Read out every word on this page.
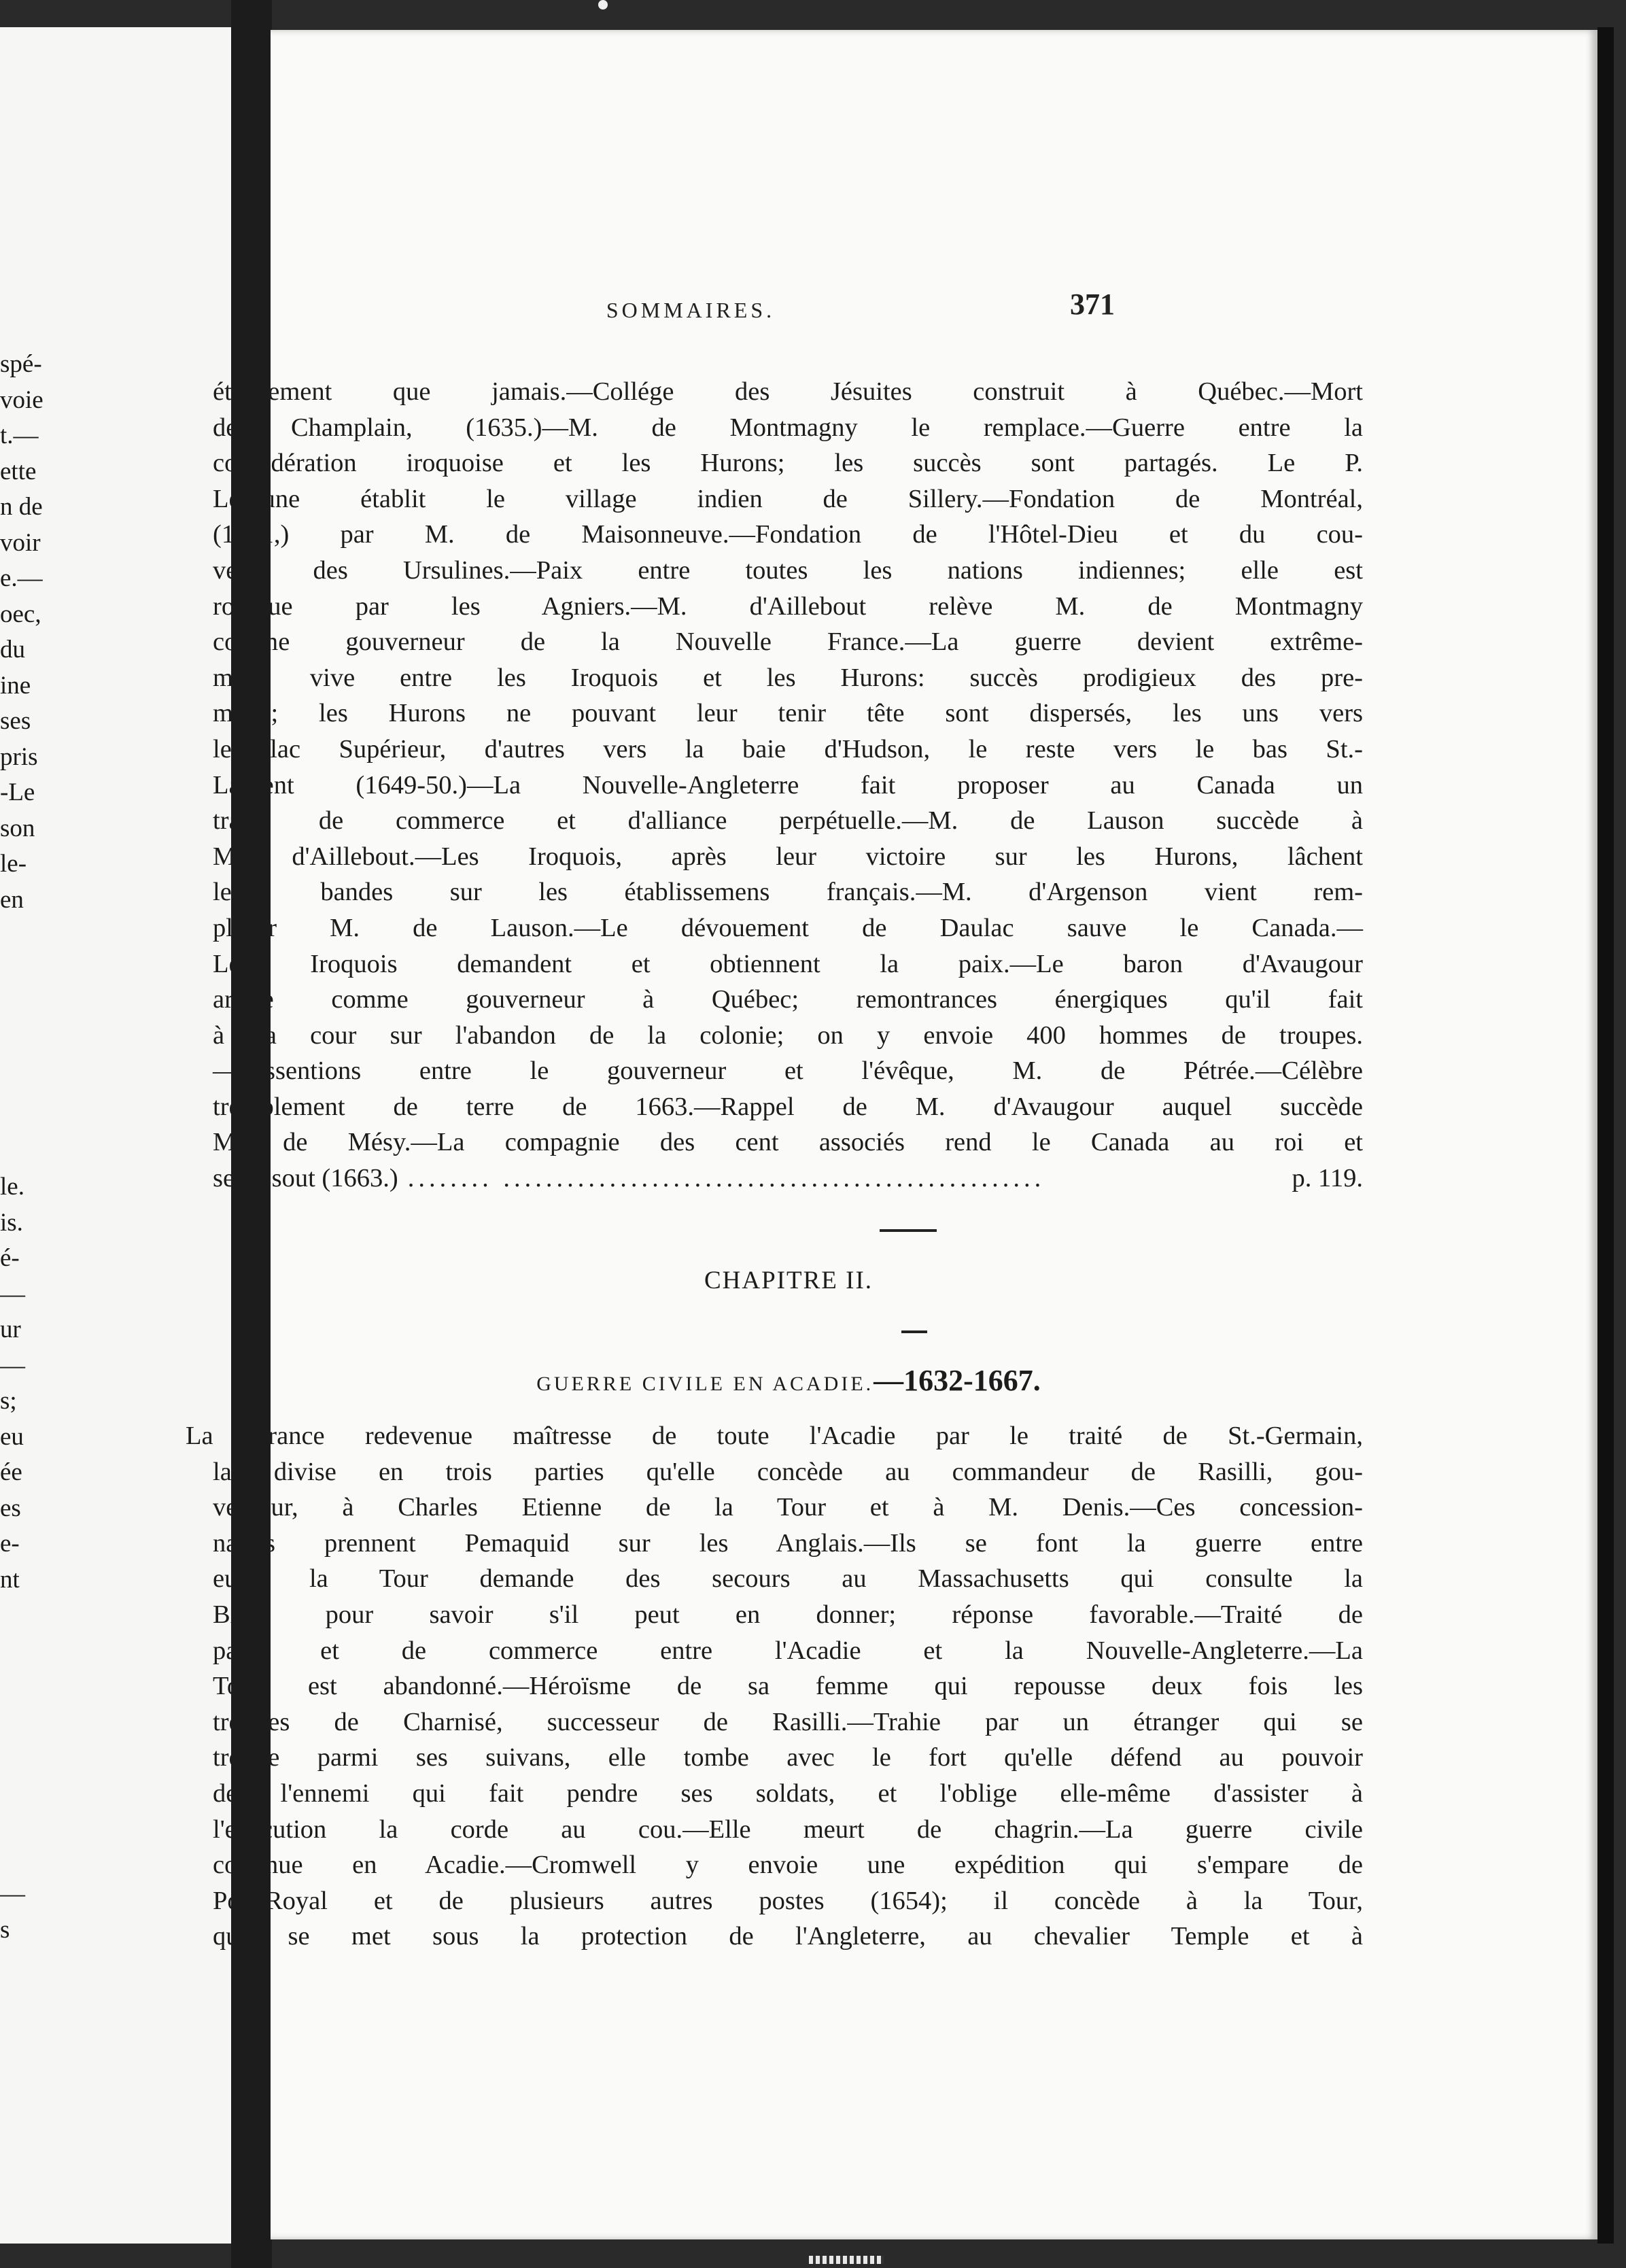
spé-
voie
t.—
ette
n de
voir
e.—
oec,
du
ine
ses
pris
-Le
son
le-
en
le.
is.
é-
—
ur
—
s;
eu
ée
es
e-
nt
—
s
SOMMAIRES.	371
étroitement que jamais.—Collége des Jésuites construit à Québec.—Mort
de Champlain, (1635.)—M. de Montmagny le remplace.—Guerre entre la
confédération iroquoise et les Hurons; les succès sont partagés. Le P.
LeJeune établit le village indien de Sillery.—Fondation de Montréal,
(1641,) par M. de Maisonneuve.—Fondation de l'Hôtel-Dieu et du cou-
vent des Ursulines.—Paix entre toutes les nations indiennes; elle est
rompue par les Agniers.—M. d'Aillebout relève M. de Montmagny
comme gouverneur de la Nouvelle France.—La guerre devient extrême-
ment vive entre les Iroquois et les Hurons: succès prodigieux des pre-
miers; les Hurons ne pouvant leur tenir tête sont dispersés, les uns vers
le lac Supérieur, d'autres vers la baie d'Hudson, le reste vers le bas St.-
Laurent (1649-50.)—La Nouvelle-Angleterre fait proposer au Canada un
traité de commerce et d'alliance perpétuelle.—M. de Lauson succède à
M. d'Aillebout.—Les Iroquois, après leur victoire sur les Hurons, lâchent
leurs bandes sur les établissemens français.—M. d'Argenson vient rem-
placer M. de Lauson.—Le dévouement de Daulac sauve le Canada.—
Les Iroquois demandent et obtiennent la paix.—Le baron d'Avaugour
arrive comme gouverneur à Québec; remontrances énergiques qu'il fait
à la cour sur l'abandon de la colonie; on y envoie 400 hommes de troupes.
—Dissentions entre le gouverneur et l'évêque, M. de Pétrée.—Célèbre
tremblement de terre de 1663.—Rappel de M. d'Avaugour auquel succède
M. de Mésy.—La compagnie des cent associés rend le Canada au roi et
se dissout (1663.) ........ ...................................................	p. 119.
CHAPITRE II.
GUERRE CIVILE EN ACADIE.—1632-1667.
La France redevenue maîtresse de toute l'Acadie par le traité de St.-Germain,
la divise en trois parties qu'elle concède au commandeur de Rasilli, gou-
verneur, à Charles Etienne de la Tour et à M. Denis.—Ces concession-
naires prennent Pemaquid sur les Anglais.—Ils se font la guerre entre
eux; la Tour demande des secours au Massachusetts qui consulte la
Bible pour savoir s'il peut en donner; réponse favorable.—Traité de
paix et de commerce entre l'Acadie et la Nouvelle-Angleterre.—La
Tour est abandonné.—Héroïsme de sa femme qui repousse deux fois les
troupes de Charnisé, successeur de Rasilli.—Trahie par un étranger qui se
trouve parmi ses suivans, elle tombe avec le fort qu'elle défend au pouvoir
de l'ennemi qui fait pendre ses soldats, et l'oblige elle-même d'assister à
l'exécution la corde au cou.—Elle meurt de chagrin.—La guerre civile
continue en Acadie.—Cromwell y envoie une expédition qui s'empare de
Port-Royal et de plusieurs autres postes (1654); il concède à la Tour,
qui se met sous la protection de l'Angleterre, au chevalier Temple et à
